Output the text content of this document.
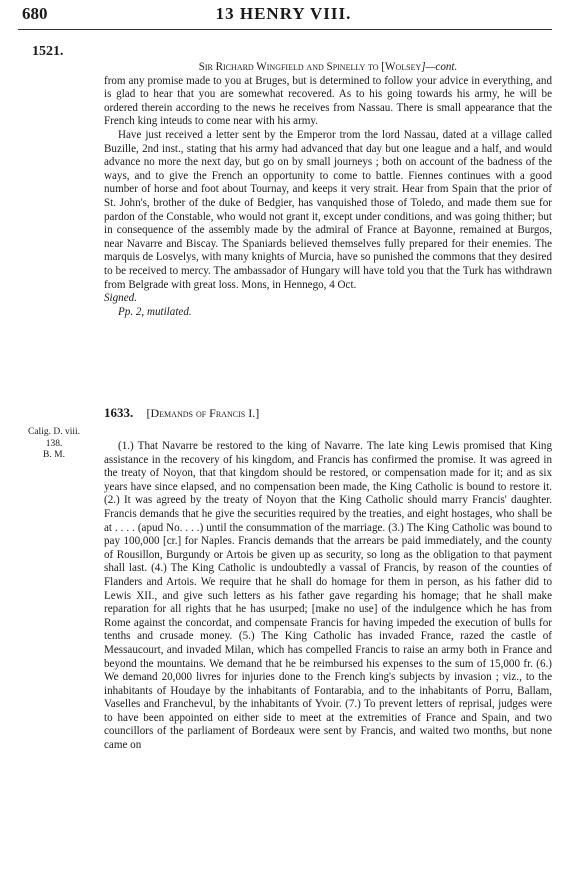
680	13 HENRY VIII.
1521.

Sir Richard Wingfield and Spinelly to [Wolsey]—cont.

from any promise made to you at Bruges, but is determined to follow your advice in everything, and is glad to hear that you are somewhat recovered. As to his going towards his army, he will be ordered therein according to the news he receives from Nassau. There is small appearance that the French king inteuds to come near with his army.

Have just received a letter sent by the Emperor trom the lord Nassau, dated at a village called Buzille, 2nd inst., stating that his army had advanced that day but one league and a half, and would advance no more the next day, but go on by small journeys ; both on account of the badness of the ways, and to give the French an opportunity to come to battle. Fiennes continues with a good number of horse and foot about Tournay, and keeps it very strait. Hear from Spain that the prior of St. John's, brother of the duke of Bedgier, has vanquished those of Toledo, and made them sue for pardon of the Constable, who would not grant it, except under conditions, and was going thither; but in consequence of the assembly made by the admiral of France at Bayonne, remained at Burgos, near Navarre and Biscay. The Spaniards believed themselves fully prepared for their enemies. The marquis de Losvelys, with many knights of Murcia, have so punished the commons that they desired to be received to mercy. The ambassador of Hungary will have told you that the Turk has withdrawn from Belgrade with great loss. Mons, in Hennego, 4 Oct.

Signed.

Pp. 2, mutilated.

1633. [Demands of Francis I.]
Calig. D. viii.
138.
B. M.

(1.) That Navarre be restored to the king of Navarre. The late king Lewis promised that King assistance in the recovery of his kingdom, and Francis has confirmed the promise. It was agreed in the treaty of Noyon, that that kingdom should be restored, or compensation made for it; and as six years have since elapsed, and no compensation been made, the King Catholic is bound to restore it. (2.) It was agreed by the treaty of Noyon that the King Catholic should marry Francis' daughter. Francis demands that he give the securities required by the treaties, and eight hostages, who shall be at . . . . (apud No. . . .) until the consummation of the marriage. (3.) The King Catholic was bound to pay 100,000 [cr.] for Naples. Francis demands that the arrears be paid immediately, and the county of Rousillon, Burgundy or Artois be given up as security, so long as the obligation to that payment shall last. (4.) The King Catholic is undoubtedly a vassal of Francis, by reason of the counties of Flanders and Artois. We require that he shall do homage for them in person, as his father did to Lewis XII., and give such letters as his father gave regarding his homage; that he shall make reparation for all rights that he has usurped; [make no use] of the indulgence which he has from Rome against the concordat, and compensate Francis for having impeded the execution of bulls for tenths and crusade money. (5.) The King Catholic has invaded France, razed the castle of Messaucourt, and invaded Milan, which has compelled Francis to raise an army both in France and beyond the mountains. We demand that he be reimbursed his expenses to the sum of 15,000 fr. (6.) We demand 20,000 livres for injuries done to the French king's subjects by invasion ; viz., to the inhabitants of Houdaye by the inhabitants of Fontarabia, and to the inhabitants of Porru, Ballam, Vaselles and Franchevul, by the inhabitants of Yvoir. (7.) To prevent letters of reprisal, judges were to have been appointed on either side to meet at the extremities of France and Spain, and two councillors of the parliament of Bordeaux were sent by Francis, and waited two months, but none came on
